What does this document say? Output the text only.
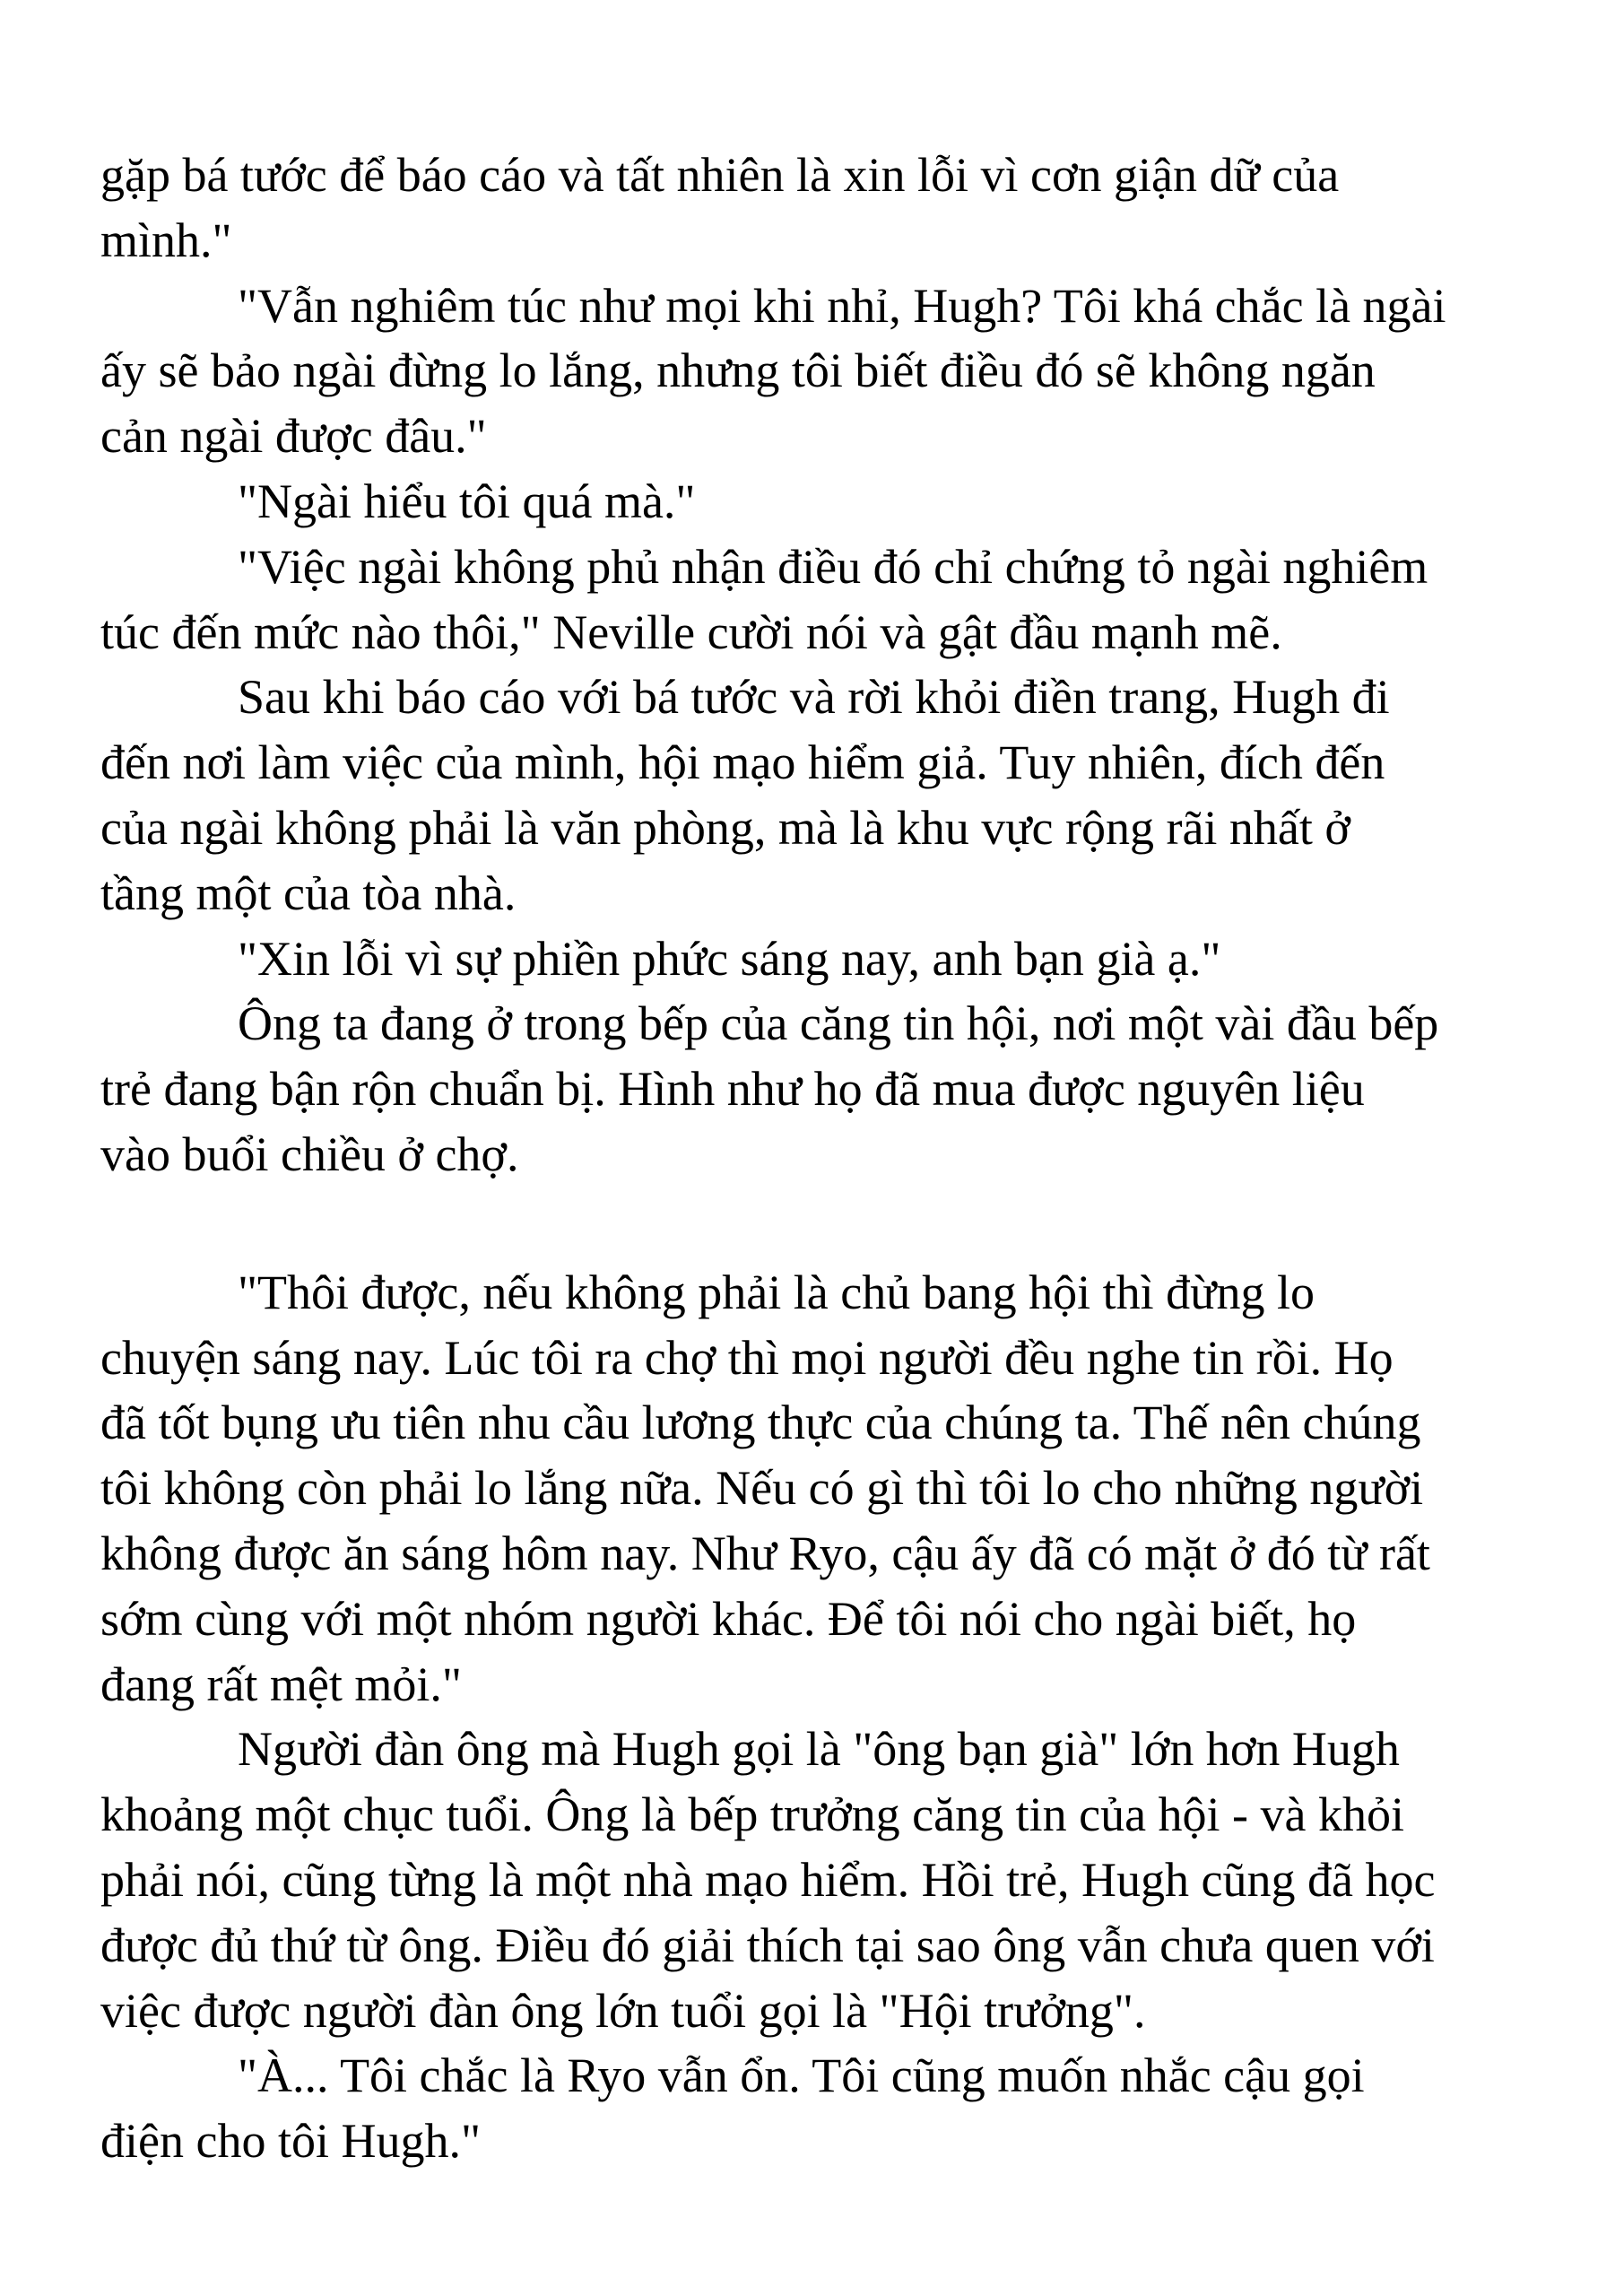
gặp bá tước để báo cáo và tất nhiên là xin lỗi vì cơn giận dữ của
mình."
"Vẫn nghiêm túc như mọi khi nhỉ, Hugh? Tôi khá chắc là ngài
ấy sẽ bảo ngài đừng lo lắng, nhưng tôi biết điều đó sẽ không ngăn
cản ngài được đâu."
"Ngài hiểu tôi quá mà."
"Việc ngài không phủ nhận điều đó chỉ chứng tỏ ngài nghiêm
túc đến mức nào thôi," Neville cười nói và gật đầu mạnh mẽ.
Sau khi báo cáo với bá tước và rời khỏi điền trang, Hugh đi
đến nơi làm việc của mình, hội mạo hiểm giả. Tuy nhiên, đích đến
của ngài không phải là văn phòng, mà là khu vực rộng rãi nhất ở
tầng một của tòa nhà.
"Xin lỗi vì sự phiền phức sáng nay, anh bạn già ạ."
Ông ta đang ở trong bếp của căng tin hội, nơi một vài đầu bếp
trẻ đang bận rộn chuẩn bị. Hình như họ đã mua được nguyên liệu
vào buổi chiều ở chợ.
"Thôi được, nếu không phải là chủ bang hội thì đừng lo
chuyện sáng nay. Lúc tôi ra chợ thì mọi người đều nghe tin rồi. Họ
đã tốt bụng ưu tiên nhu cầu lương thực của chúng ta. Thế nên chúng
tôi không còn phải lo lắng nữa. Nếu có gì thì tôi lo cho những người
không được ăn sáng hôm nay. Như Ryo, cậu ấy đã có mặt ở đó từ rất
sớm cùng với một nhóm người khác. Để tôi nói cho ngài biết, họ
đang rất mệt mỏi."
Người đàn ông mà Hugh gọi là "ông bạn già" lớn hơn Hugh
khoảng một chục tuổi. Ông là bếp trưởng căng tin của hội - và khỏi
phải nói, cũng từng là một nhà mạo hiểm. Hồi trẻ, Hugh cũng đã học
được đủ thứ từ ông. Điều đó giải thích tại sao ông vẫn chưa quen với
việc được người đàn ông lớn tuổi gọi là "Hội trưởng".
"À... Tôi chắc là Ryo vẫn ổn. Tôi cũng muốn nhắc cậu gọi
điện cho tôi Hugh."
